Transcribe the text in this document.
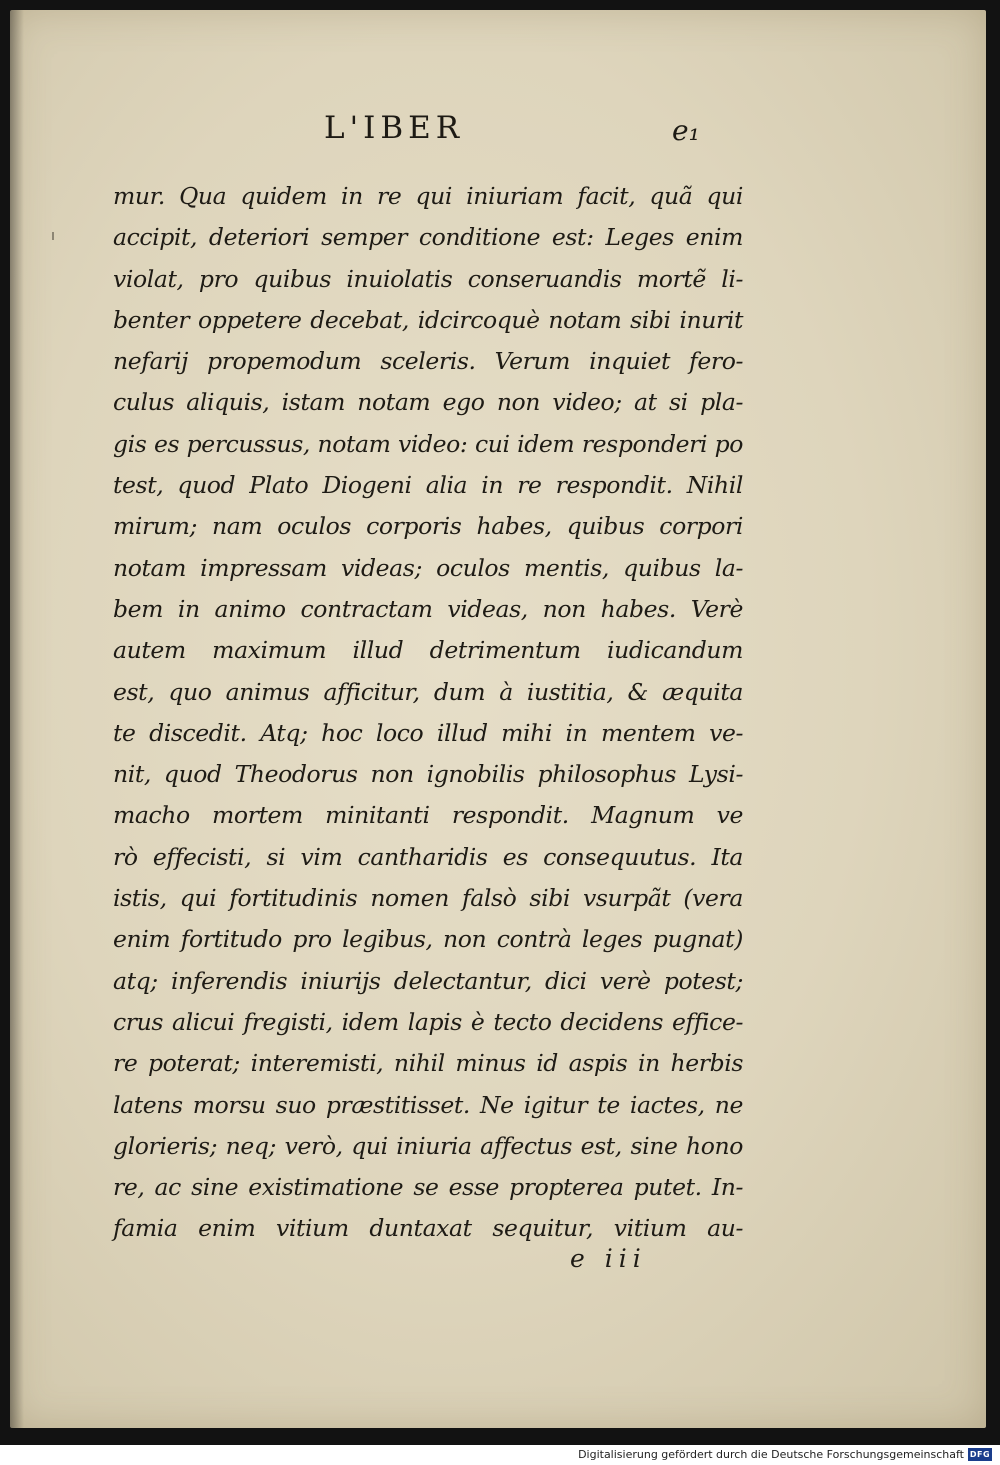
L'IBER	e₁
mur. Qua quidem in re qui iniuriam facit, quã qui
accipit, deteriori semper conditione est: Leges enim
violat, pro quibus inuiolatis conseruandis mortẽ li-
benter oppetere decebat, idcircoquè notam sibi inurit
nefarij propemodum sceleris. Verum inquiet fero-
culus aliquis, istam notam ego non video; at si pla-
gis es percussus, notam video: cui idem responderi po
test, quod Plato Diogeni alia in re respondit. Nihil
mirum; nam oculos corporis habes, quibus corpori
notam impressam videas; oculos mentis, quibus la-
bem in animo contractam videas, non habes. Verè
autem maximum illud detrimentum iudicandum
est, quo animus afficitur, dum à iustitia, & æquita
te discedit. Atq; hoc loco illud mihi in mentem ve-
nit, quod Theodorus non ignobilis philosophus Lysi-
macho mortem minitanti respondit. Magnum ve
rò effecisti, si vim cantharidis es consequutus. Ita
istis, qui fortitudinis nomen falsò sibi vsurpãt (vera
enim fortitudo pro legibus, non contrà leges pugnat)
atq; inferendis iniurijs delectantur, dici verè potest;
crus alicui fregisti, idem lapis è tecto decidens effice-
re poterat; interemisti, nihil minus id aspis in herbis
latens morsu suo præstitisset. Ne igitur te iactes, ne
glorieris; neq; verò, qui iniuria affectus est, sine hono
re, ac sine existimatione se esse propterea putet. In-
famia enim vitium duntaxat sequitur, vitium au-
e iii
Digitalisierung gefördert durch die Deutsche Forschungsgemeinschaft DFG
